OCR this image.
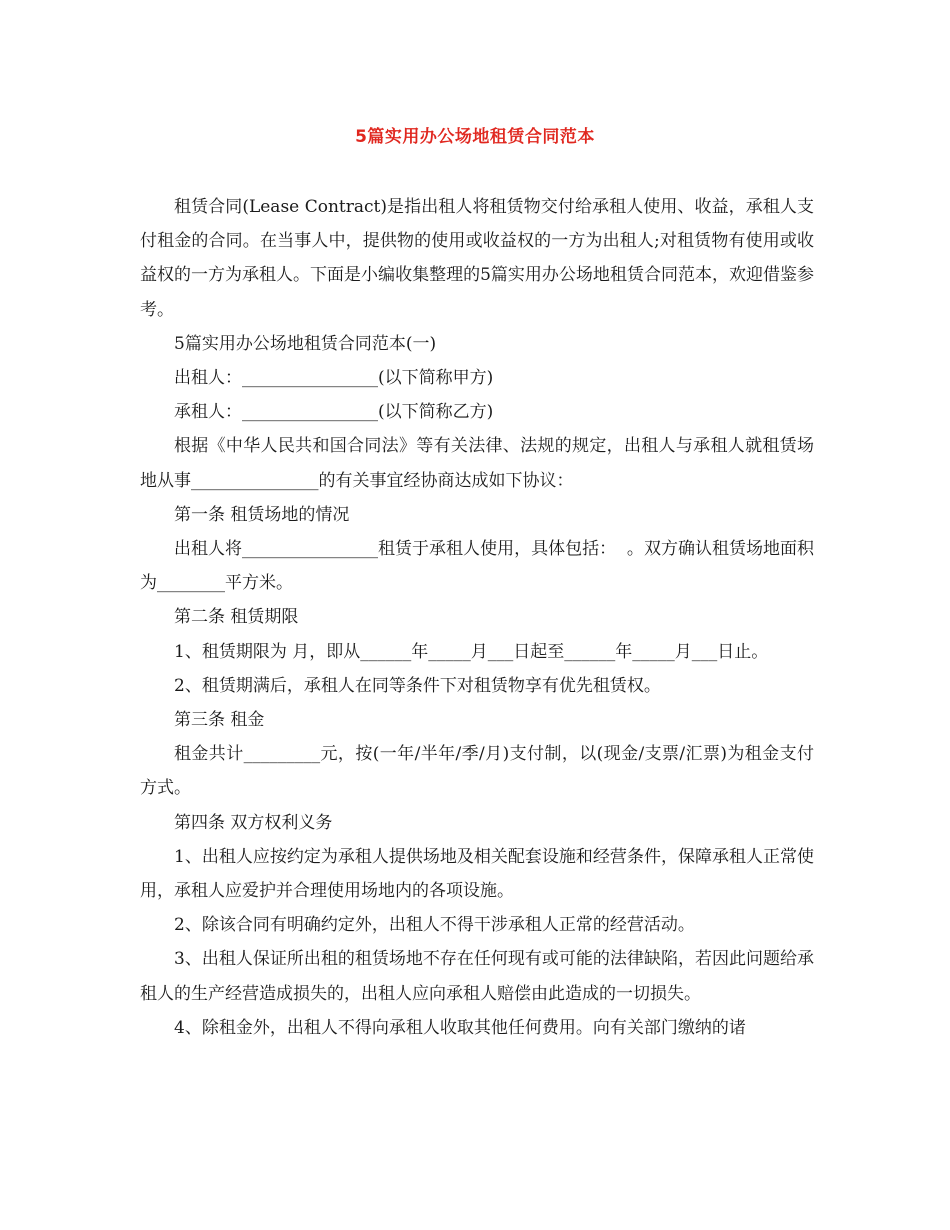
5篇实用办公场地租赁合同范本

租赁合同(Lease Contract)是指出租人将租赁物交付给承租人使用、收益，承租人支付租金的合同。在当事人中，提供物的使用或收益权的一方为出租人;对租赁物有使用或收益权的一方为承租人。下面是小编收集整理的5篇实用办公场地租赁合同范本，欢迎借鉴参考。

5篇实用办公场地租赁合同范本(一)

出租人：________________(以下简称甲方)

承租人：________________(以下简称乙方)

根据《中华人民共和国合同法》等有关法律、法规的规定，出租人与承租人就租赁场地从事_______________的有关事宜经协商达成如下协议：

第一条 租赁场地的情况

出租人将________________租赁于承租人使用，具体包括：  。双方确认租赁场地面积为________平方米。

第二条 租赁期限

1、租赁期限为 月，即从______年_____月___日起至______年_____月___日止。

2、租赁期满后，承租人在同等条件下对租赁物享有优先租赁权。

第三条 租金

租金共计_________元，按(一年/半年/季/月)支付制，以(现金/支票/汇票)为租金支付方式。

第四条 双方权利义务

1、出租人应按约定为承租人提供场地及相关配套设施和经营条件，保障承租人正常使用，承租人应爱护并合理使用场地内的各项设施。

2、除该合同有明确约定外，出租人不得干涉承租人正常的经营活动。

3、出租人保证所出租的租赁场地不存在任何现有或可能的法律缺陷，若因此问题给承租人的生产经营造成损失的，出租人应向承租人赔偿由此造成的一切损失。

4、除租金外，出租人不得向承租人收取其他任何费用。向有关部门缴纳的诸
